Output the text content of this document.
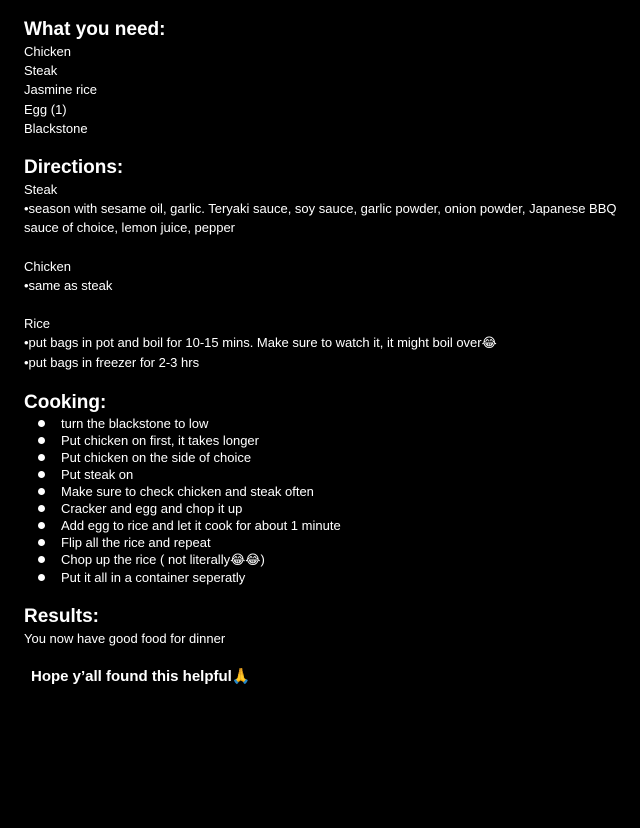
What you need:

Chicken

Steak

Jasmine rice

Egg (1)

Blackstone

Directions:

Steak

•season with sesame oil, garlic. Teryaki sauce, soy sauce, garlic powder, onion powder, Japanese BBQ sauce of choice, lemon juice, pepper

Chicken

•same as steak

Rice

•put bags in pot and boil for 10-15 mins. Make sure to watch it, it might boil over😂

•put bags in freezer for 2-3 hrs

Cooking:
turn the blackstone to low
Put chicken on first, it takes longer
Put chicken on the side of choice
Put steak on
Make sure to check chicken and steak often
Cracker and egg and chop it up
Add egg to rice and let it cook for about 1 minute
Flip all the rice and repeat
Chop up the rice ( not literally😂😂)
Put it all in a container seperatly
Results:

You now have good food for dinner

Hope y’all found this helpful🙏
